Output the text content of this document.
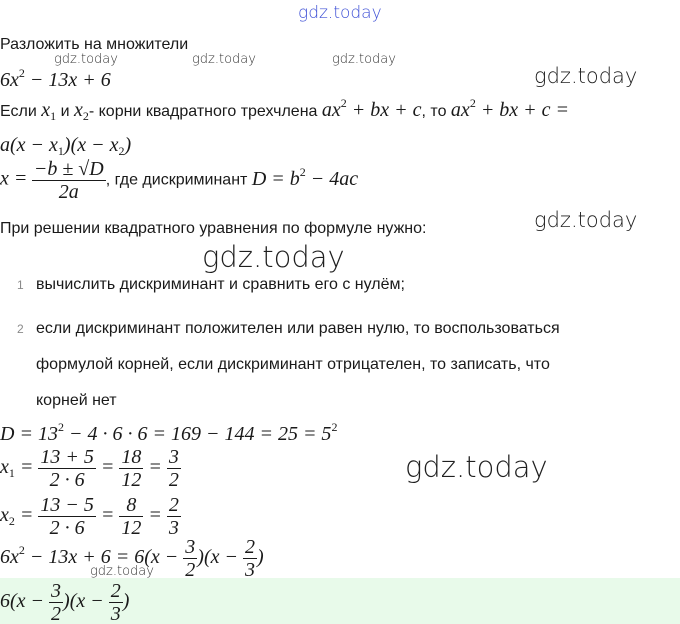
gdz.today
gdz.today	gdz.today	gdz.today
gdz.today
gdz.today
gdz.today
gdz.today
gdz.today
Разложить на множители
$6x^2 - 13x + 6$
Если $x_1$ и $x_2-$ корни квадратного трехчлена $ax^2$ + bx + c, то $ax^2$ + bx + c =
$a(x - x_1)(x - x_2)$
$x = \frac{-b \pm √D}{2a}$ , где дискриминант $D = b^2 - 4ac$
При решении квадратного уравнения по формуле нужно:
1 вычислить дискриминант и сравнить его с нулём;
2 если дискриминант положителен или равен нулю, то воспользоваться
формулой корней, если дискриминант отрицателен, то записать, что
корней нет
$D = 13^2 - 4 \cdot 6 \cdot 6 = 169 - 144 = 25 = 5^2$
$x_1 = \frac{13 + 5}{2 \cdot 6} = \frac{18}{12} = \frac{3}{2}$
$x_2 = \frac{13 - 5}{2 \cdot 6} = \frac{8}{12} = \frac{2}{3}$
$6x^2 - 13x + 6 = 6(x - \frac{3}{2} )(x - \frac{2}{3}$ )
$6(x - \frac{3}{2} )(x - \frac{2}{3}$ )
